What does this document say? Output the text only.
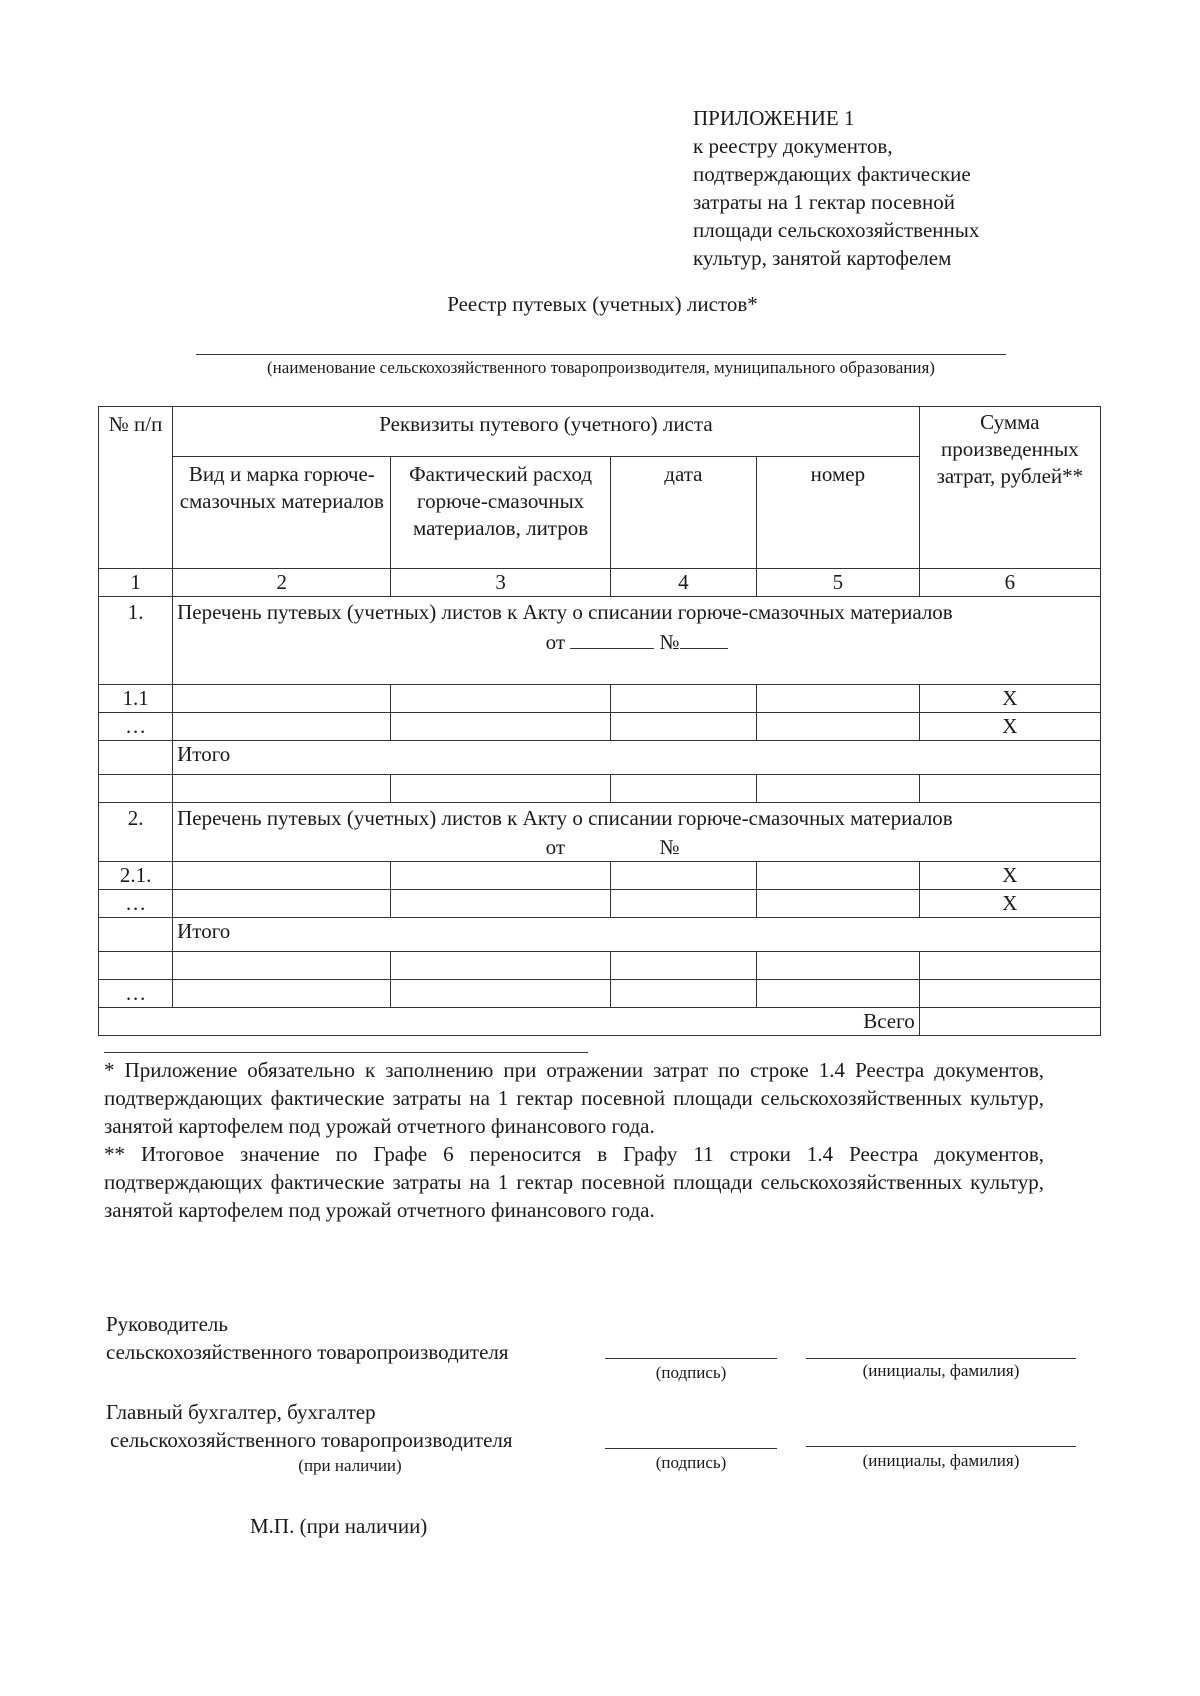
ПРИЛОЖЕНИЕ 1
к реестру документов,
подтверждающих фактические
затраты на 1 гектар посевной
площади сельскохозяйственных
культур, занятой картофелем
Реестр путевых (учетных) листов*
(наименование сельскохозяйственного товаропроизводителя, муниципального образования)
№ п/п	Реквизиты путевого (учетного) листа				Сумма произведенных затрат, рублей**
	Вид и марка горюче-смазочных материалов	Фактический расход горюче-смазочных материалов, литров	дата	номер	
1	2	3	4	5	6
1.	Перечень путевых (учетных) листов к Акту о списании горюче-смазочных материалов
от №				

1.1					X
…					X
	Итого				

2.	Перечень путевых (учетных) листов к Акту о списании горюче-смазочных материалов
от №				

2.1.					X
…					X
	Итого				

…					
Всего					

* Приложение обязательно к заполнению при отражении затрат по строке 1.4 Реестра документов, подтверждающих фактические затраты на 1 гектар посевной площади сельскохозяйственных культур, занятой картофелем под урожай отчетного финансового года.

** Итоговое значение по Графе 6 переносится в Графу 11 строки 1.4 Реестра документов, подтверждающих фактические затраты на 1 гектар посевной площади сельскохозяйственных культур, занятой картофелем под урожай отчетного финансового года.

Руководитель
сельскохозяйственного товаропроизводителя
(подпись)	(инициалы, фамилия)
Главный бухгалтер, бухгалтер
сельскохозяйственного товаропроизводителя
(при наличии)	(подпись)	(инициалы, фамилия)
М.П. (при наличии)
